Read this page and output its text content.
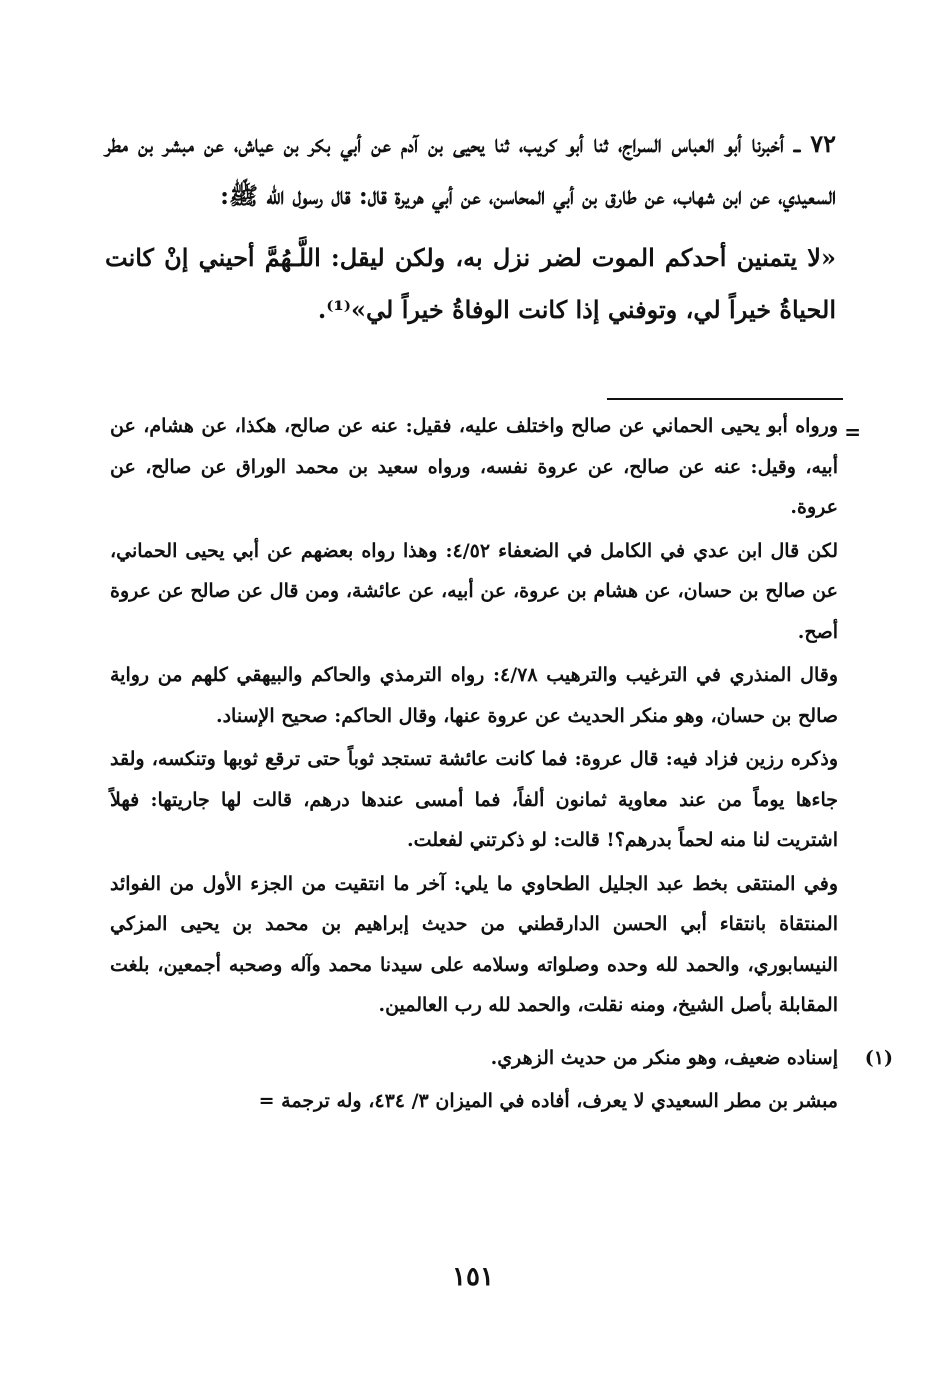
٧٢ ــ أخبرنا أبو العباس السراج، ثنا أبو كريب، ثنا يحيى بن آدم عن أبي بكر بن عياش، عن مبشر بن مطر السعيدي، عن ابن شهاب، عن طارق بن أبي المحاسن، عن أبي هريرة قال: قال رسول الله ﷺ:

«لا يتمنين أحدكم الموت لضر نزل به، ولكن ليقل: اللَّـهُمَّ أحيني إنْ كانت الحياةُ خيراً لي، وتوفني إذا كانت الوفاةُ خيراً لي»⁽¹⁾.

=

ورواه أبو يحيى الحماني عن صالح واختلف عليه، فقيل: عنه عن صالح، هكذا، عن هشام، عن أبيه، وقيل: عنه عن صالح، عن عروة نفسه، ورواه سعيد بن محمد الوراق عن صالح، عن عروة.

لكن قال ابن عدي في الكامل في الضعفاء ٤/٥٢: وهذا رواه بعضهم عن أبي يحيى الحماني، عن صالح بن حسان، عن هشام بن عروة، عن أبيه، عن عائشة، ومن قال عن صالح عن عروة أصح.

وقال المنذري في الترغيب والترهيب ٤/٧٨: رواه الترمذي والحاكم والبيهقي كلهم من رواية صالح بن حسان، وهو منكر الحديث عن عروة عنها، وقال الحاكم: صحيح الإسناد.

وذكره رزين فزاد فيه: قال عروة: فما كانت عائشة تستجد ثوباً حتى ترقع ثوبها وتنكسه، ولقد جاءها يوماً من عند معاوية ثمانون ألفاً، فما أمسى عندها درهم، قالت لها جاريتها: فهلاً اشتريت لنا منه لحماً بدرهم؟! قالت: لو ذكرتني لفعلت.

وفي المنتقى بخط عبد الجليل الطحاوي ما يلي: آخر ما انتقيت من الجزء الأول من الفوائد المنتقاة بانتقاء أبي الحسن الدارقطني من حديث إبراهيم بن محمد بن يحيى المزكي النيسابوري، والحمد لله وحده وصلواته وسلامه على سيدنا محمد وآله وصحبه أجمعين، بلغت المقابلة بأصل الشيخ، ومنه نقلت، والحمد لله رب العالمين.

(١)
إسناده ضعيف، وهو منكر من حديث الزهري.

مبشر بن مطر السعيدي لا يعرف، أفاده في الميزان ٣/ ٤٣٤، وله ترجمة =

١٥١
